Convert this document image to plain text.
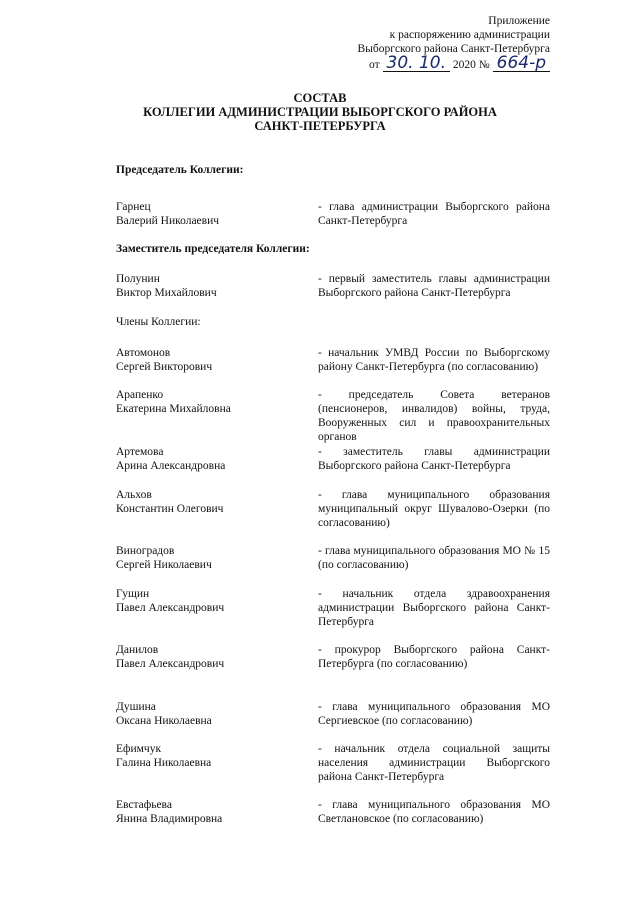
Приложение
к распоряжению администрации
Выборгского района Санкт-Петербурга
от 30. 10. 2020 № 664-р
СОСТАВ
КОЛЛЕГИИ АДМИНИСТРАЦИИ ВЫБОРГСКОГО РАЙОНА
САНКТ-ПЕТЕРБУРГА
Председатель Коллегии:
Гарнец
Валерий Николаевич
- глава администрации Выборгского района Санкт-Петербурга
Заместитель председателя Коллегии:
Полунин
Виктор Михайлович
- первый заместитель главы администрации Выборгского района Санкт-Петербурга
Члены Коллегии:
Автомонов
Сергей Викторович
- начальник УМВД России по Выборгскому району Санкт-Петербурга (по согласованию)
Арапенко
Екатерина Михайловна
- председатель Совета ветеранов (пенсионеров, инвалидов) войны, труда, Вооруженных сил и правоохранительных органов
Артемова
Арина Александровна
- заместитель главы администрации Выборгского района Санкт-Петербурга
Альхов
Константин Олегович
- глава муниципального образования муниципальный округ Шувалово-Озерки (по согласованию)
Виноградов
Сергей Николаевич
- глава муниципального образования МО № 15 (по согласованию)
Гущин
Павел Александрович
- начальник отдела здравоохранения администрации Выборгского района Санкт-Петербурга
Данилов
Павел Александрович
- прокурор Выборгского района Санкт-Петербурга (по согласованию)
Душина
Оксана Николаевна
- глава муниципального образования МО Сергиевское (по согласованию)
Ефимчук
Галина Николаевна
- начальник отдела социальной защиты населения администрации Выборгского района Санкт-Петербурга
Евстафьева
Янина Владимировна
- глава муниципального образования МО Светлановское (по согласованию)
